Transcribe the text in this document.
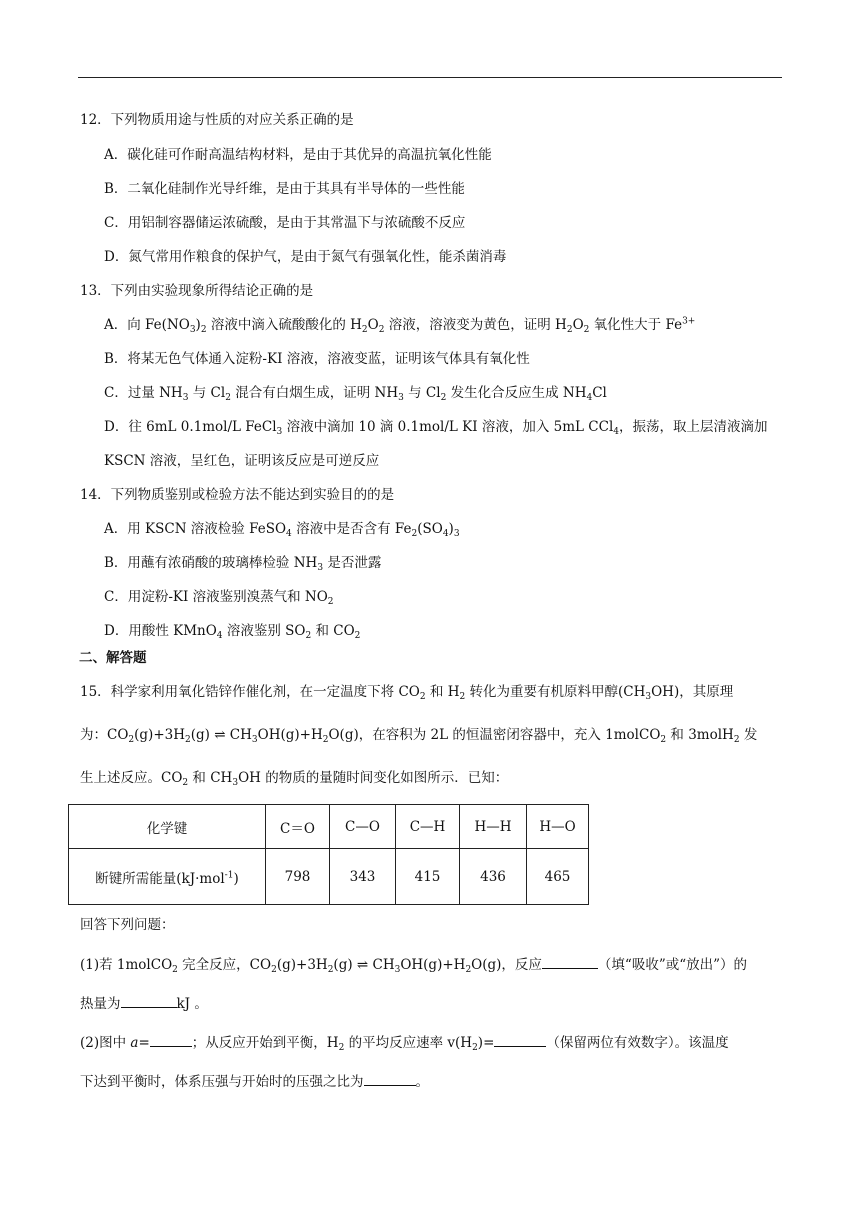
12．下列物质用途与性质的对应关系正确的是
A．碳化硅可作耐高温结构材料，是由于其优异的高温抗氧化性能
B．二氧化硅制作光导纤维，是由于其具有半导体的一些性能
C．用铝制容器储运浓硫酸，是由于其常温下与浓硫酸不反应
D．氮气常用作粮食的保护气，是由于氮气有强氧化性，能杀菌消毒
13．下列由实验现象所得结论正确的是
A．向 $Fe(NO_3)_2$ 溶液中滴入硫酸酸化的 $H_2O_2$ 溶液，溶液变为黄色，证明 $H_2O_2$ 氧化性大于 $Fe^{3+}$
B．将某无色气体通入淀粉-KI 溶液，溶液变蓝，证明该气体具有氧化性
C．过量 $NH_3$ 与 $Cl_2$ 混合有白烟生成，证明 $NH_3$ 与 $Cl_2$ 发生化合反应生成 $NH_4Cl$
D．往 6mL 0.1mol/L FeCl$_3$ 溶液中滴加 10 滴 0.1mol/L KI 溶液，加入 5mL CCl$_4$，振荡，取上层清液滴加
KSCN 溶液，呈红色，证明该反应是可逆反应
14．下列物质鉴别或检验方法不能达到实验目的的是
A．用 KSCN 溶液检验 FeSO$_4$ 溶液中是否含有 $Fe_2(SO_4)_3$
B．用蘸有浓硝酸的玻璃棒检验 $NH_3$ 是否泄露
C．用淀粉-KI 溶液鉴别溴蒸气和 $NO_2$
D．用酸性 KMnO$_4$ 溶液鉴别 $SO_2$ 和 $CO_2$
二、解答题
15．科学家利用氧化锆锌作催化剂，在一定温度下将 $CO_2$ 和 $H_2$ 转化为重要有机原料甲醇$(CH_3OH)$，其原理
为：$CO_2(g)+3H_2(g)$ ⇌ $CH_3OH(g)+H_2O(g)$，在容积为 2L 的恒温密闭容器中，充入 1molCO$_2$ 和 3molH$_2$ 发
生上述反应。$CO_2$ 和 $CH_3OH$ 的物质的量随时间变化如图所示．已知：
化学键	C＝O	C—O	C—H	H—H	H—O
断键所需能量(kJ·mol$^{-1}$)	798	343	415	436	465
回答下列问题：
(1)若 1molCO$_2$ 完全反应，$CO_2(g)+3H_2(g)$ ⇌ $CH_3OH(g)+H_2O(g)$，反应	（填“吸收”或“放出”）的
热量为	kJ 。
(2)图中 a=	；从反应开始到平衡，$H_2$ 的平均反应速率 $v(H_2)=$	（保留两位有效数字）。该温度
下达到平衡时，体系压强与开始时的压强之比为	。
